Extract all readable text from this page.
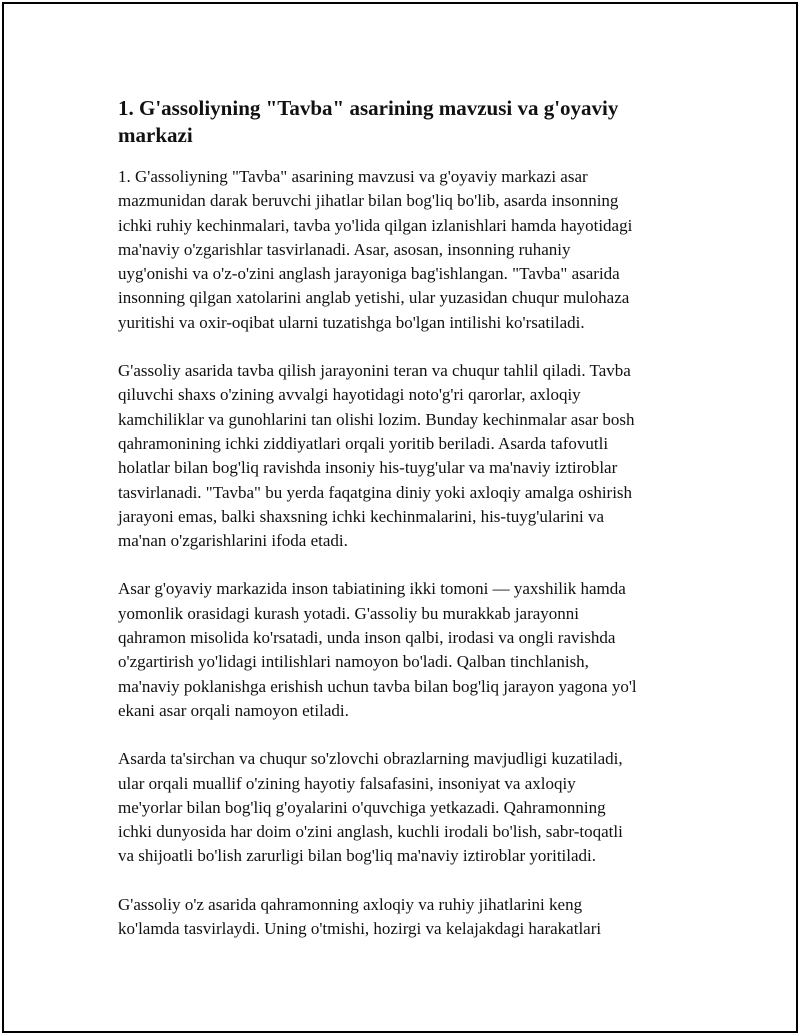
1. G'assoliyning "Tavba" asarining mavzusi va g'oyaviy
markazi

1. G'assoliyning "Tavba" asarining mavzusi va g'oyaviy markazi asar
mazmunidan darak beruvchi jihatlar bilan bog'liq bo'lib, asarda insonning
ichki ruhiy kechinmalari, tavba yo'lida qilgan izlanishlari hamda hayotidagi
ma'naviy o'zgarishlar tasvirlanadi. Asar, asosan, insonning ruhaniy
uyg'onishi va o'z-o'zini anglash jarayoniga bag'ishlangan. "Tavba" asarida
insonning qilgan xatolarini anglab yetishi, ular yuzasidan chuqur mulohaza
yuritishi va oxir-oqibat ularni tuzatishga bo'lgan intilishi ko'rsatiladi.

G'assoliy asarida tavba qilish jarayonini teran va chuqur tahlil qiladi. Tavba
qiluvchi shaxs o'zining avvalgi hayotidagi noto'g'ri qarorlar, axloqiy
kamchiliklar va gunohlarini tan olishi lozim. Bunday kechinmalar asar bosh
qahramonining ichki ziddiyatlari orqali yoritib beriladi. Asarda tafovutli
holatlar bilan bog'liq ravishda insoniy his-tuyg'ular va ma'naviy iztiroblar
tasvirlanadi. "Tavba" bu yerda faqatgina diniy yoki axloqiy amalga oshirish
jarayoni emas, balki shaxsning ichki kechinmalarini, his-tuyg'ularini va
ma'nan o'zgarishlarini ifoda etadi.

Asar g'oyaviy markazida inson tabiatining ikki tomoni — yaxshilik hamda
yomonlik orasidagi kurash yotadi. G'assoliy bu murakkab jarayonni
qahramon misolida ko'rsatadi, unda inson qalbi, irodasi va ongli ravishda
o'zgartirish yo'lidagi intilishlari namoyon bo'ladi. Qalban tinchlanish,
ma'naviy poklanishga erishish uchun tavba bilan bog'liq jarayon yagona yo'l
ekani asar orqali namoyon etiladi.

Asarda ta'sirchan va chuqur so'zlovchi obrazlarning mavjudligi kuzatiladi,
ular orqali muallif o'zining hayotiy falsafasini, insoniyat va axloqiy
me'yorlar bilan bog'liq g'oyalarini o'quvchiga yetkazadi. Qahramonning
ichki dunyosida har doim o'zini anglash, kuchli irodali bo'lish, sabr-toqatli
va shijoatli bo'lish zarurligi bilan bog'liq ma'naviy iztiroblar yoritiladi.

G'assoliy o'z asarida qahramonning axloqiy va ruhiy jihatlarini keng
ko'lamda tasvirlaydi. Uning o'tmishi, hozirgi va kelajakdagi harakatlari
